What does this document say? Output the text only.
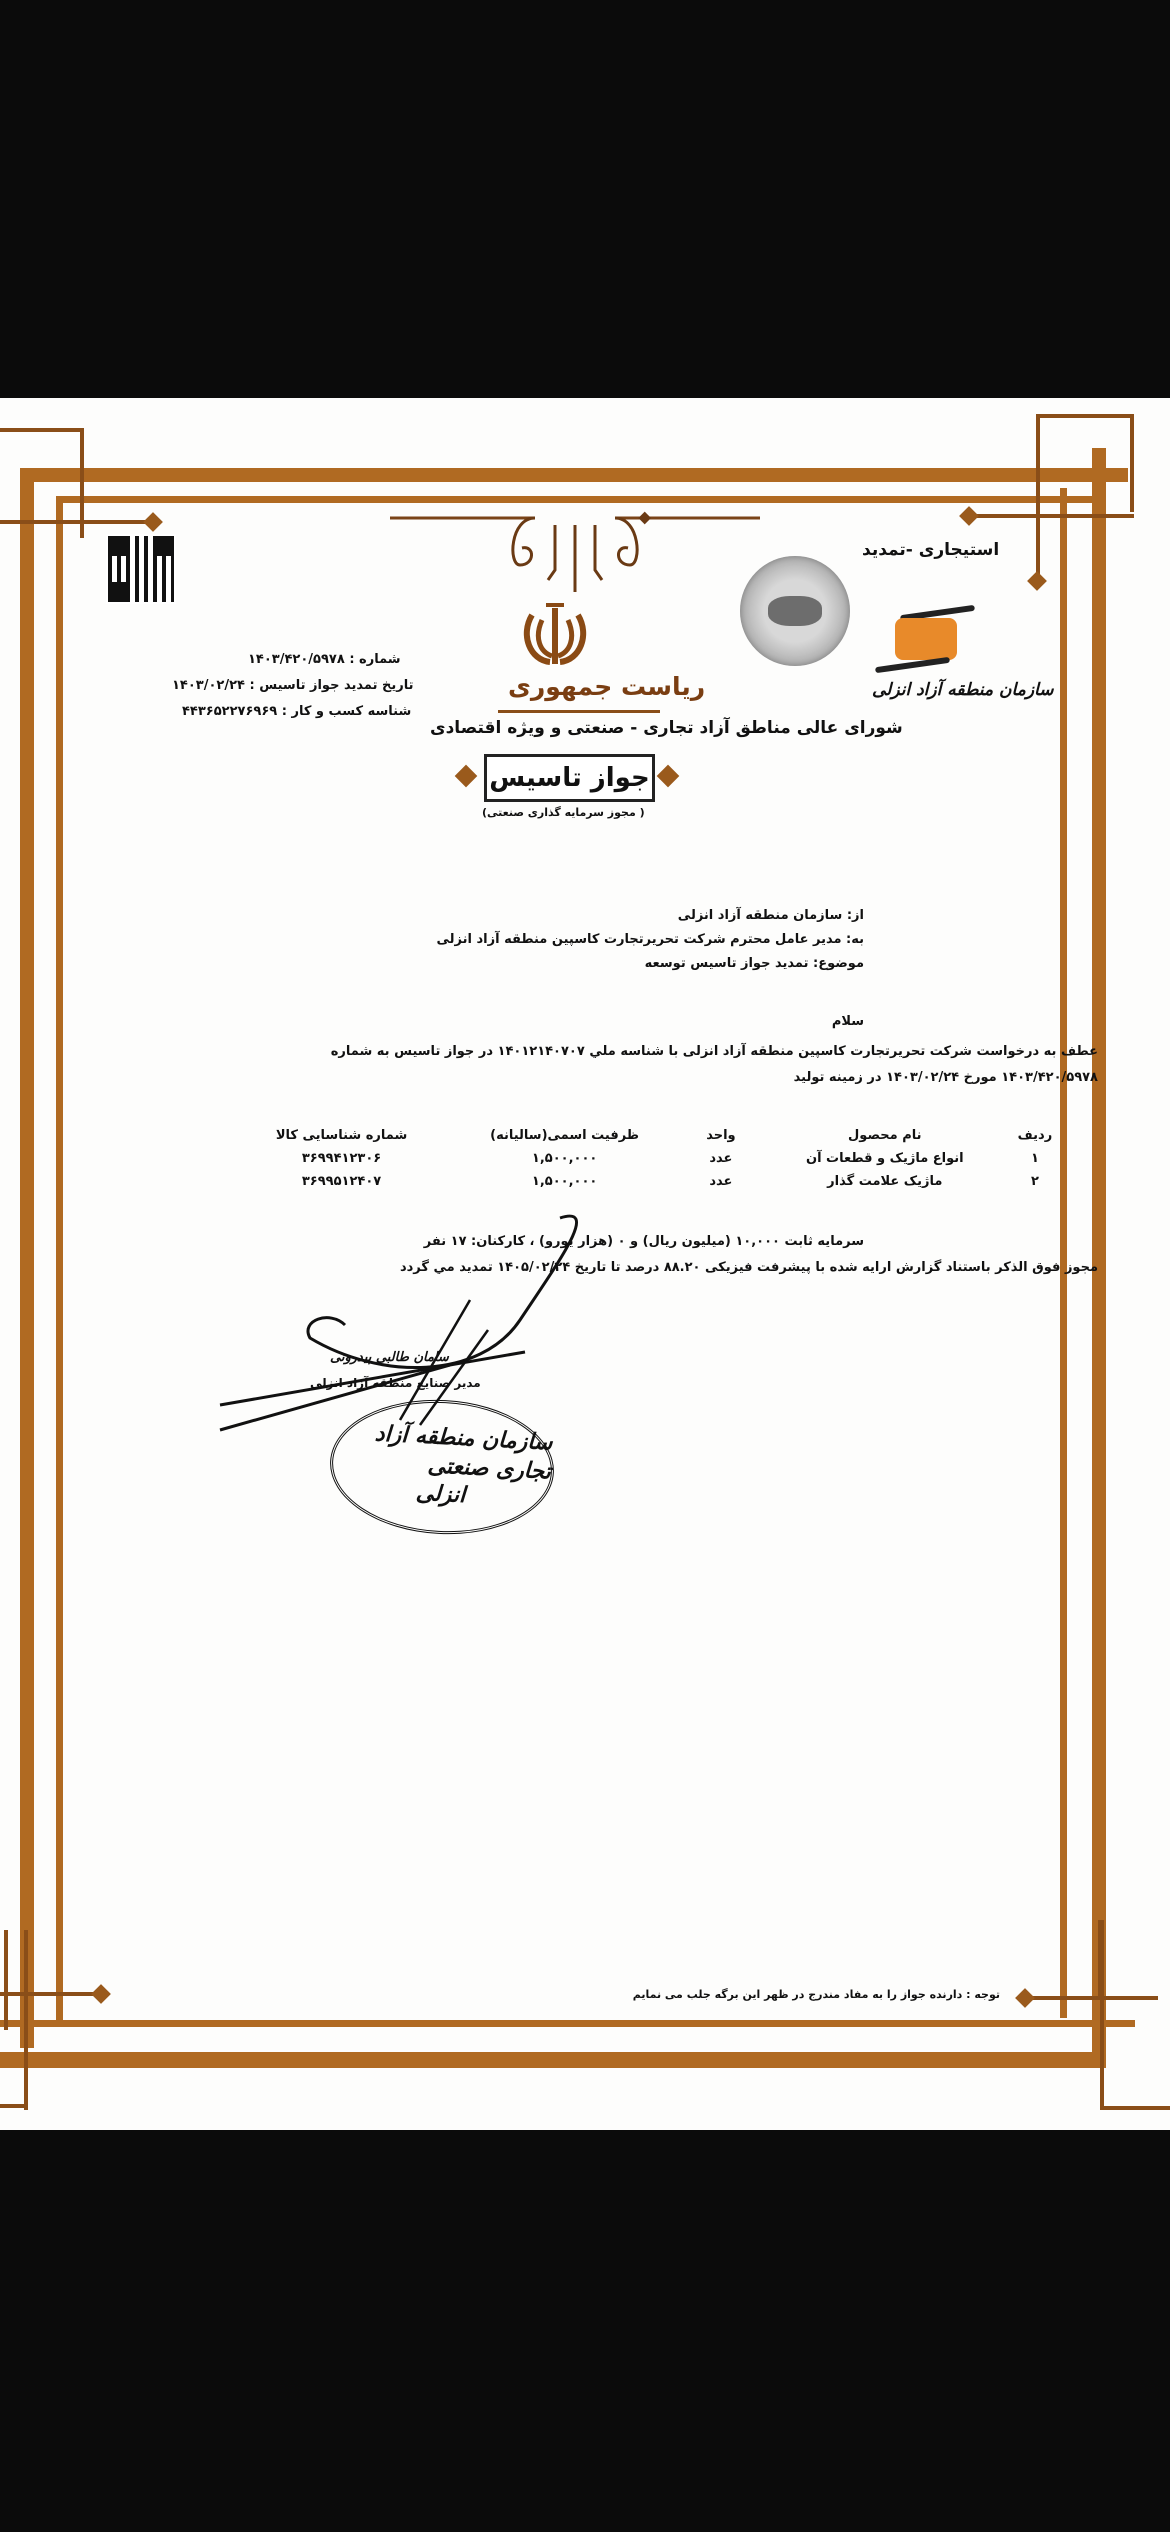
ریاست جمهوری
شورای عالی مناطق آزاد تجاری - صنعتی و ویژه اقتصادی
استیجاری -تمدید
سازمان منطقه آزاد انزلی
شماره : ۱۴۰۳/۴۲۰/۵۹۷۸
تاریخ تمدید جواز تاسیس : ۱۴۰۳/۰۲/۲۴
شناسه کسب و کار : ۴۴۳۶۵۲۲۷۶۹۶۹
جواز تاسیس
( مجوز سرمایه گذاری صنعتی)
از: سازمان منطقه آزاد انزلی
به: مدیر عامل محترم شرکت تحریرتجارت کاسپین منطقه آزاد انزلی
موضوع: تمدید جواز تاسیس توسعه
سلام
عطف به درخواست شرکت تحریرتجارت کاسپین منطقه آزاد انزلی با شناسه ملي ۱۴۰۱۲۱۴۰۷۰۷ در جواز تاسیس به شماره
۱۴۰۳/۴۲۰/۵۹۷۸ مورخ ۱۴۰۳/۰۲/۲۴ در زمینه تولید
ردیف	نام محصول	واحد	ظرفیت اسمی(سالیانه)	شماره شناسایی کالا
۱	انواع ماژیک و قطعات آن	عدد	۱,۵۰۰,۰۰۰	۳۶۹۹۴۱۲۳۰۶
۲	ماژیک علامت گذار	عدد	۱,۵۰۰,۰۰۰	۳۶۹۹۵۱۲۴۰۷
سرمایه ثابت ۱۰,۰۰۰ (میلیون ریال) و ۰ (هزار یورو) ، کارکنان: ۱۷ نفر
مجوز فوق الذکر باستناد گزارش ارایه شده با پیشرفت فیزیکی ۸۸.۲۰ درصد تا تاریخ ۱۴۰۵/۰۲/۲۴ تمدید مي گردد
سامان طالبی پیدرونی
مدیر صنایع منطقه آزاد انزلی
سازمان منطقه آزاد تجاری صنعتی
انزلی
توجه : دارنده جواز را به مفاد مندرج در ظهر این برگه جلب می نمایم
